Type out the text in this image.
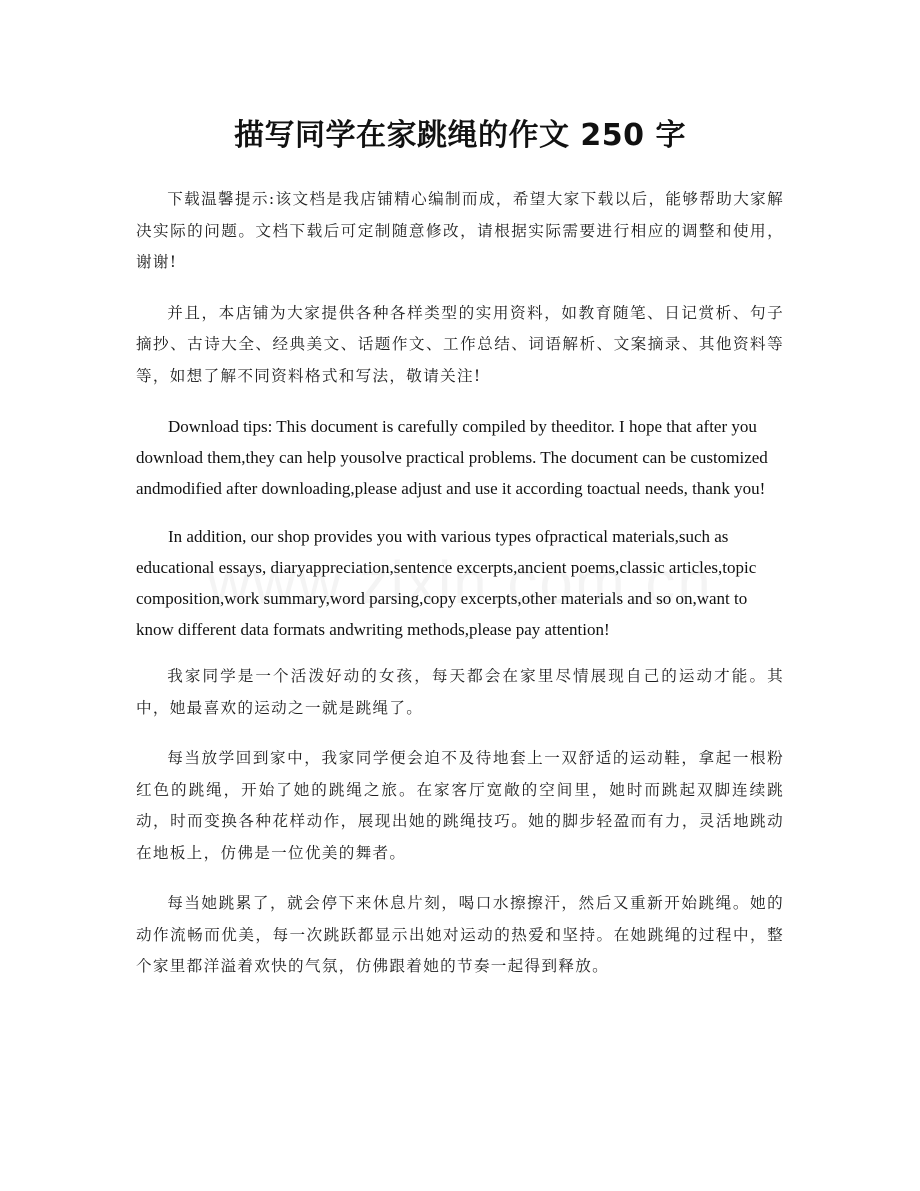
描写同学在家跳绳的作文 250 字

下载温馨提示:该文档是我店铺精心编制而成，希望大家下载以后，能够帮助大家解决实际的问题。文档下载后可定制随意修改，请根据实际需要进行相应的调整和使用，谢谢!

并且，本店铺为大家提供各种各样类型的实用资料，如教育随笔、日记赏析、句子摘抄、古诗大全、经典美文、话题作文、工作总结、词语解析、文案摘录、其他资料等等，如想了解不同资料格式和写法，敬请关注!

Download tips: This document is carefully compiled by theeditor. I hope that after you download them,they can help yousolve practical problems. The document can be customized andmodified after downloading,please adjust and use it according toactual needs, thank you!

In addition, our shop provides you with various types ofpractical materials,such as educational essays, diaryappreciation,sentence excerpts,ancient poems,classic articles,topic composition,work summary,word parsing,copy excerpts,other materials and so on,want to know different data formats andwriting methods,please pay attention!

我家同学是一个活泼好动的女孩，每天都会在家里尽情展现自己的运动才能。其中，她最喜欢的运动之一就是跳绳了。

每当放学回到家中，我家同学便会迫不及待地套上一双舒适的运动鞋，拿起一根粉红色的跳绳，开始了她的跳绳之旅。在家客厅宽敞的空间里，她时而跳起双脚连续跳动，时而变换各种花样动作，展现出她的跳绳技巧。她的脚步轻盈而有力，灵活地跳动在地板上，仿佛是一位优美的舞者。

每当她跳累了，就会停下来休息片刻，喝口水擦擦汗，然后又重新开始跳绳。她的动作流畅而优美，每一次跳跃都显示出她对运动的热爱和坚持。在她跳绳的过程中，整个家里都洋溢着欢快的气氛，仿佛跟着她的节奏一起得到释放。
